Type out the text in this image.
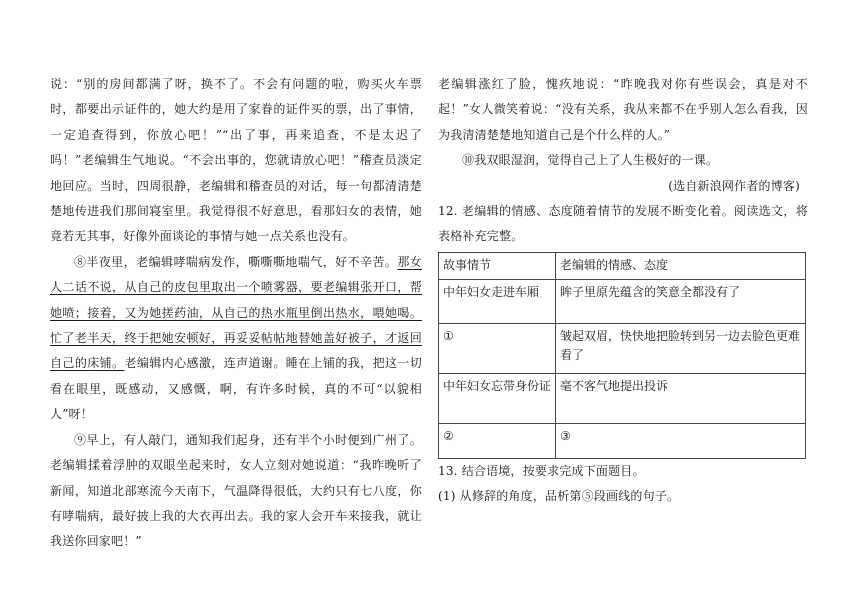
说：“别的房间都满了呀，换不了。不会有问题的啦，购买火车票时，都要出示证件的，她大约是用了家眷的证件买的票，出了事情，一定追查得到，你放心吧！”“出了事，再来追查，不是太迟了吗！”老编辑生气地说。“不会出事的，您就请放心吧！”稽查员淡定地回应。当时，四周很静，老编辑和稽查员的对话，每一句都清清楚楚地传进我们那间寝室里。我觉得很不好意思，看那妇女的表情，她竟若无其事，好像外面谈论的事情与她一点关系也没有。

⑧半夜里，老编辑哮喘病发作，嘶嘶嘶地喘气，好不辛苦。那女人二话不说，从自己的皮包里取出一个喷雾器，要老编辑张开口，帮她喷；接着，又为她搓药油，从自己的热水瓶里倒出热水，喂她喝。忙了老半天，终于把她安顿好，再妥妥帖帖地替她盖好被子，才返回自己的床铺。老编辑内心感激，连声道谢。睡在上铺的我，把这一切看在眼里，既感动，又感慨，啊，有许多时候，真的不可“以貌相人”呀！

⑨早上，有人敲门，通知我们起身，还有半个小时便到广州了。老编辑揉着浮肿的双眼坐起来时，女人立刻对她说道：“我昨晚听了新闻，知道北部寒流今天南下，气温降得很低，大约只有七八度，你有哮喘病，最好披上我的大衣再出去。我的家人会开车来接我，就让我送你回家吧！”

老编辑涨红了脸，愧疚地说：“昨晚我对你有些误会，真是对不起！”女人微笑着说：“没有关系，我从来都不在乎别人怎么看我，因为我清清楚楚地知道自己是个什么样的人。”

⑩我双眼湿润，觉得自己上了人生极好的一课。

(选自新浪网作者的博客)

12. 老编辑的情感、态度随着情节的发展不断变化着。阅读选文，将表格补充完整。

故事情节	老编辑的情感、态度
中年妇女走进车厢	眸子里原先蕴含的笑意全都没有了
①	皱起双眉，快快地把脸转到另一边去脸色更难看了
中年妇女忘带身份证	毫不客气地提出投诉
②	③

13. 结合语境，按要求完成下面题目。

(1) 从修辞的角度，品析第⑤段画线的句子。
